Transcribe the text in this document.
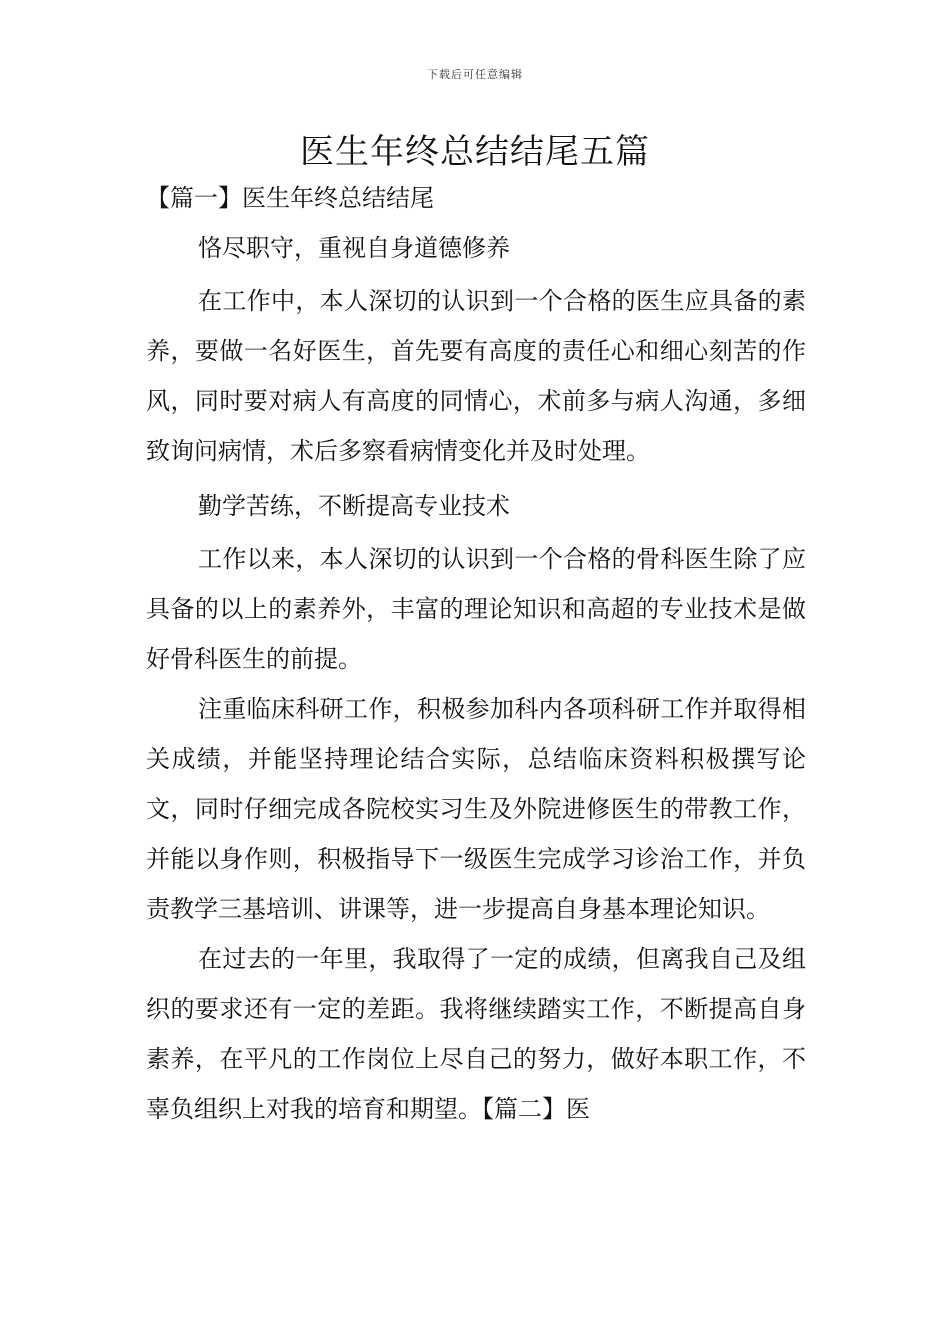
下载后可任意编辑
医生年终总结结尾五篇
【篇一】医生年终总结结尾
恪尽职守，重视自身道德修养

在工作中，本人深切的认识到一个合格的医生应具备的素养，要做一名好医生，首先要有高度的责任心和细心刻苦的作风，同时要对病人有高度的同情心，术前多与病人沟通，多细致询问病情，术后多察看病情变化并及时处理。

勤学苦练，不断提高专业技术

工作以来，本人深切的认识到一个合格的骨科医生除了应具备的以上的素养外，丰富的理论知识和高超的专业技术是做好骨科医生的前提。

注重临床科研工作，积极参加科内各项科研工作并取得相关成绩，并能坚持理论结合实际，总结临床资料积极撰写论文，同时仔细完成各院校实习生及外院进修医生的带教工作，并能以身作则，积极指导下一级医生完成学习诊治工作，并负责教学三基培训、讲课等，进一步提高自身基本理论知识。

在过去的一年里，我取得了一定的成绩，但离我自己及组织的要求还有一定的差距。我将继续踏实工作，不断提高自身素养，在平凡的工作岗位上尽自己的努力，做好本职工作，不辜负组织上对我的培育和期望。【篇二】医
